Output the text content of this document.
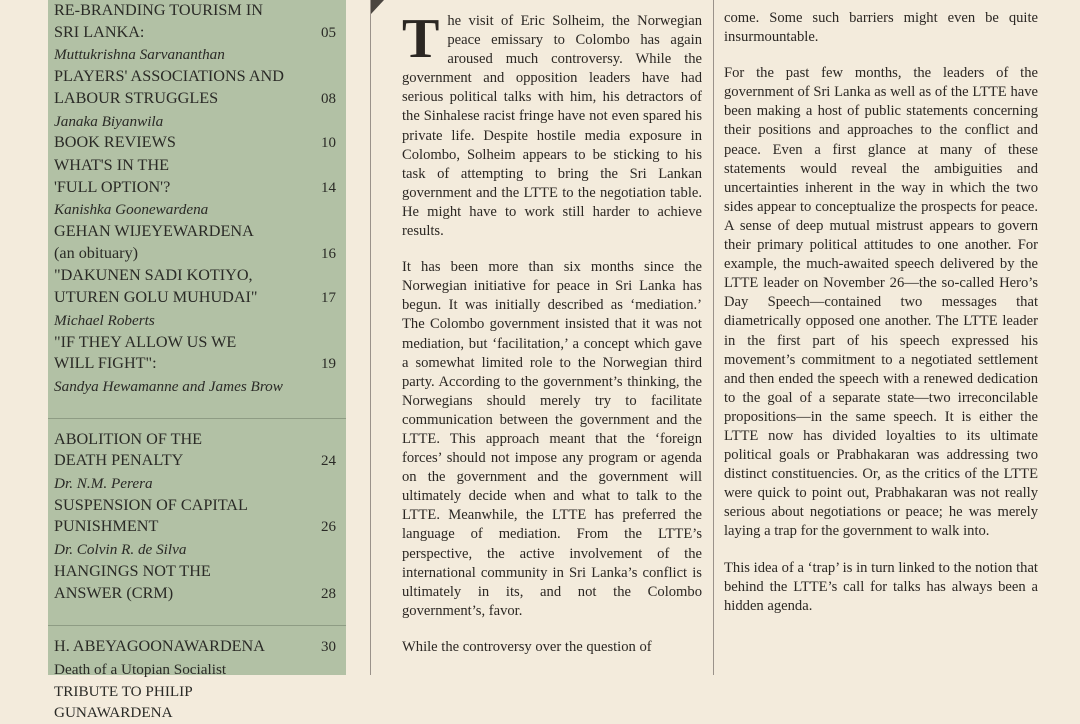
RE-BRANDING TOURISM IN
SRI LANKA:	05
Muttukrishna Sarvananthan
PLAYERS' ASSOCIATIONS AND
LABOUR STRUGGLES	08
Janaka Biyanwila
BOOK REVIEWS	10
WHAT'S IN THE
'FULL OPTION'?	14
Kanishka Goonewardena
GEHAN WIJEYEWARDENA
(an obituary)	16
"DAKUNEN SADI KOTIYO,
UTUREN GOLU MUHUDAI"	17
Michael Roberts
"IF THEY ALLOW US WE
WILL FIGHT":	19
Sandya Hewamanne and James Brow
ABOLITION OF THE
DEATH PENALTY	24
Dr. N.M. Perera
SUSPENSION OF CAPITAL
PUNISHMENT	26
Dr. Colvin R. de Silva
HANGINGS NOT THE
ANSWER (CRM)	28
H. ABEYAGOONAWARDENA	30
Death of a Utopian Socialist
TRIBUTE TO PHILIP
GUNAWARDENA

The visit of Eric Solheim, the Norwegian peace emissary to Colombo has again aroused much controversy. While the government and opposition leaders have had serious political talks with him, his detractors of the Sinhalese racist fringe have not even spared his private life. Despite hostile media exposure in Colombo, Solheim appears to be sticking to his task of attempting to bring the Sri Lankan government and the LTTE to the negotiation table. He might have to work still harder to achieve results.

It has been more than six months since the Norwegian initiative for peace in Sri Lanka has begun. It was initially described as ‘mediation.’ The Colombo government insisted that it was not mediation, but ‘facilitation,’ a concept which gave a somewhat limited role to the Norwegian third party. According to the government’s thinking, the Norwegians should merely try to facilitate communication between the government and the LTTE. This approach meant that the ‘foreign forces’ should not impose any program or agenda on the government and the government will ultimately decide when and what to talk to the LTTE. Meanwhile, the LTTE has preferred the language of mediation. From the LTTE’s perspective, the active involvement of the international community in Sri Lanka’s conflict is ultimately in its, and not the Colombo government’s, favor.

While the controversy over the question of

come. Some such barriers might even be quite insurmountable.

For the past few months, the leaders of the government of Sri Lanka as well as of the LTTE have been making a host of public statements concerning their positions and approaches to the conflict and peace. Even a first glance at many of these statements would reveal the ambiguities and uncertainties inherent in the way in which the two sides appear to conceptualize the prospects for peace. A sense of deep mutual mistrust appears to govern their primary political attitudes to one another. For example, the much-awaited speech delivered by the LTTE leader on November 26—the so-called Hero’s Day Speech—contained two messages that diametrically opposed one another. The LTTE leader in the first part of his speech expressed his movement’s commitment to a negotiated settlement and then ended the speech with a renewed dedication to the goal of a separate state—two irreconcilable propositions—in the same speech. It is either the LTTE now has divided loyalties to its ultimate political goals or Prabhakaran was addressing two distinct constituencies. Or, as the critics of the LTTE were quick to point out, Prabhakaran was not really serious about negotiations or peace; he was merely laying a trap for the government to walk into.

This idea of a ‘trap’ is in turn linked to the notion that behind the LTTE’s call for talks has always been a hidden agenda.
